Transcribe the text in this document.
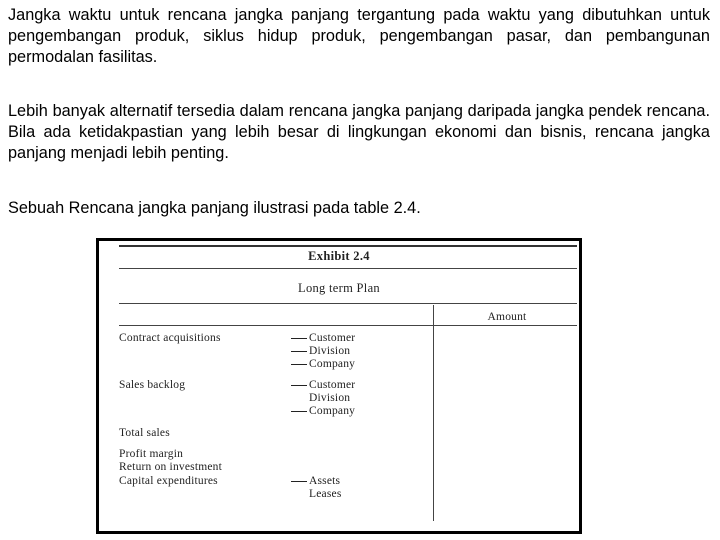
Jangka waktu untuk rencana jangka panjang tergantung pada waktu yang dibutuhkan untuk pengembangan produk, siklus hidup produk, pengembangan pasar, dan pembangunan permodalan fasilitas.

Lebih banyak alternatif tersedia dalam rencana jangka panjang daripada jangka pendek rencana. Bila ada ketidakpastian yang lebih besar di lingkungan ekonomi dan bisnis, rencana jangka panjang menjadi lebih penting.

Sebuah Rencana jangka panjang ilustrasi pada table 2.4.

Exhibit 2.4
Long term Plan
Amount
Contract acquisitions	Customer
Division
Company
Sales backlog	Customer
Division
Company
Total sales
Profit margin
Return on investment
Capital expenditures	Assets
Leases
